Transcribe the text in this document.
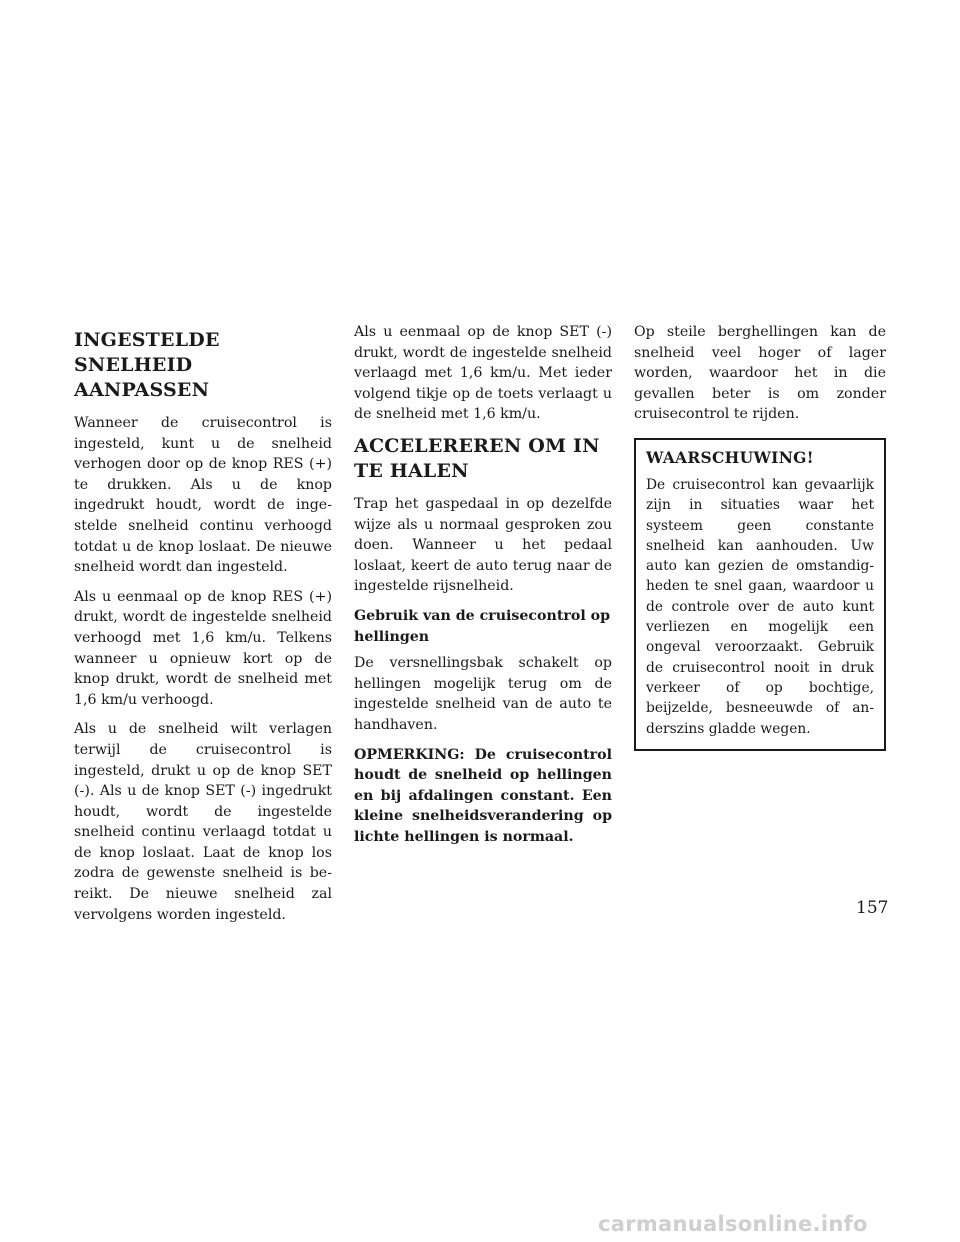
INGESTELDE SNELHEID AANPASSEN

Wanneer de cruisecontrol is ingesteld, kunt u de snelheid verhogen door op de knop RES (+) te drukken. Als u de knop ingedrukt houdt, wordt de ingestelde snelheid continu verhoogd totdat u de knop loslaat. De nieuwe snelheid wordt dan ingesteld.

Als u eenmaal op de knop RES (+) drukt, wordt de ingestelde snelheid verhoogd met 1,6 km/u. Telkens wanneer u opnieuw kort op de knop drukt, wordt de snelheid met 1,6 km/u verhoogd.

Als u de snelheid wilt verlagen terwijl de cruisecontrol is ingesteld, drukt u op de knop SET (-). Als u de knop SET (-) ingedrukt houdt, wordt de ingestelde snelheid continu verlaagd totdat u de knop loslaat. Laat de knop los zodra de gewenste snelheid is bereikt. De nieuwe snelheid zal vervolgens worden ingesteld.

Als u eenmaal op de knop SET (-) drukt, wordt de ingestelde snelheid verlaagd met 1,6 km/u. Met ieder volgend tikje op de toets verlaagt u de snelheid met 1,6 km/u.

ACCELEREREN OM IN TE HALEN

Trap het gaspedaal in op dezelfde wijze als u normaal gesproken zou doen. Wanneer u het pedaal loslaat, keert de auto terug naar de ingestelde rijsnelheid.

Gebruik van de cruisecontrol op hellingen

De versnellingsbak schakelt op hellingen mogelijk terug om de ingestelde snelheid van de auto te handhaven.

OPMERKING: De cruisecontrol houdt de snelheid op hellingen en bij afdalingen constant. Een kleine snelheidsverandering op lichte hellingen is normaal.

Op steile berghellingen kan de snelheid veel hoger of lager worden, waardoor het in die gevallen beter is om zonder cruisecontrol te rijden.

WAARSCHUWING!

De cruisecontrol kan gevaarlijk zijn in situaties waar het systeem geen constante snelheid kan aanhouden. Uw auto kan gezien de omstandigheden te snel gaan, waardoor u de controle over de auto kunt verliezen en mogelijk een ongeval veroorzaakt. Gebruik de cruisecontrol nooit in druk verkeer of op bochtige, beijzelde, besneeuwde of anderszins gladde wegen.

157
carmanualsonline.info
